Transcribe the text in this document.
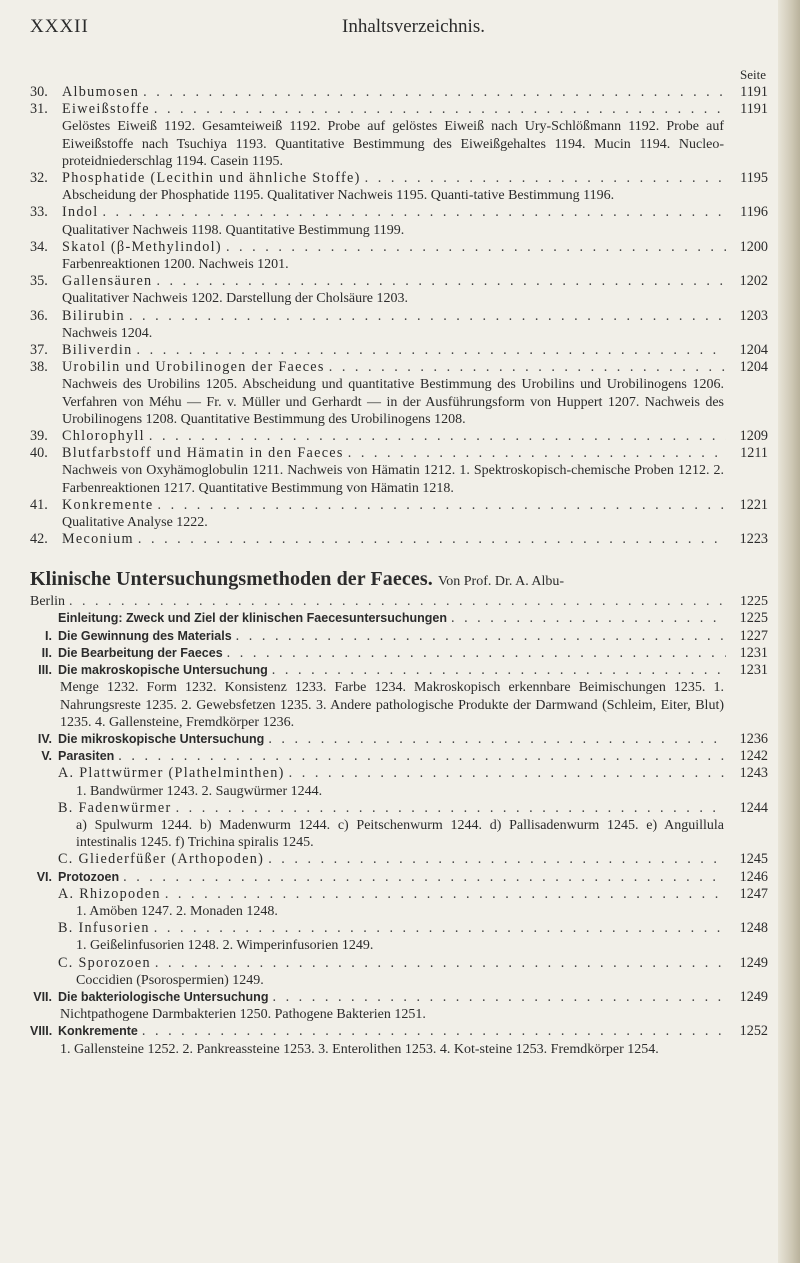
XXXII	Inhaltsverzeichnis.
Seite
30.	Albumosen . . .	1191
31.	Eiweißstoffe . . .	1191
Gelöstes Eiweiß 1192. Gesamteiweiß 1192. Probe auf gelöstes Eiweiß nach Ury-Schlößmann 1192. Probe auf Eiweißstoffe nach Tsuchiya 1193. Quantitative Bestimmung des Eiweißgehaltes 1194. Mucin 1194. Nucleo-proteidniederschlag 1194. Casein 1195.
32.	Phosphatide (Lecithin und ähnliche Stoffe) . . .	1195
Abscheidung der Phosphatide 1195. Qualitativer Nachweis 1195. Quanti-tative Bestimmung 1196.
33.	Indol . . .	1196
Qualitativer Nachweis 1198. Quantitative Bestimmung 1199.
34.	Skatol (β-Methylindol) . . .	1200
Farbenreaktionen 1200. Nachweis 1201.
35.	Gallensäuren . . .	1202
Qualitativer Nachweis 1202. Darstellung der Cholsäure 1203.
36.	Bilirubin . . .	1203
Nachweis 1204.
37.	Biliverdin . . .	1204
38.	Urobilin und Urobilinogen der Faeces . . .	1204
Nachweis des Urobilins 1205. Abscheidung und quantitative Bestimmung des Urobilins und Urobilinogens 1206. Verfahren von Méhu — Fr. v. Müller und Gerhardt — in der Ausführungsform von Huppert 1207. Nachweis des Urobilinogens 1208. Quantitative Bestimmung des Urobilinogens 1208.
39.	Chlorophyll . . .	1209
40.	Blutfarbstoff und Hämatin in den Faeces . . .	1211
Nachweis von Oxyhämoglobulin 1211. Nachweis von Hämatin 1212. 1. Spektroskopisch-chemische Proben 1212. 2. Farbenreaktionen 1217. Quantitative Bestimmung von Hämatin 1218.
41.	Konkremente . . .	1221
Qualitative Analyse 1222.
42.	Meconium . . .	1223
Klinische Untersuchungsmethoden der Faeces. Von Prof. Dr. A. Albu-
Berlin . . .	1225
Einleitung: Zweck und Ziel der klinischen Faecesuntersuchungen . . .	1225
I. Die Gewinnung des Materials . . .	1227
II. Die Bearbeitung der Faeces . . .	1231
III. Die makroskopische Untersuchung . . .	1231
Menge 1232. Form 1232. Konsistenz 1233. Farbe 1234. Makroskopisch erkennbare Beimischungen 1235. 1. Nahrungsreste 1235. 2. Gewebsfetzen 1235. 3. Andere pathologische Produkte der Darmwand (Schleim, Eiter, Blut) 1235. 4. Gallensteine, Fremdkörper 1236.
IV. Die mikroskopische Untersuchung . . .	1236
V. Parasiten . . .	1242
A. Plattwürmer (Plathelminthen) . . .	1243
1. Bandwürmer 1243. 2. Saugwürmer 1244.
B. Fadenwürmer . . .	1244
a) Spulwurm 1244. b) Madenwurm 1244. c) Peitschenwurm 1244. d) Pallisadenwurm 1245. e) Anguillula intestinalis 1245. f) Trichina spiralis 1245.
C. Gliederfüßer (Arthopoden) . . .	1245
VI. Protozoen . . .	1246
A. Rhizopoden . . .	1247
1. Amöben 1247. 2. Monaden 1248.
B. Infusorien . . .	1248
1. Geißelinfusorien 1248. 2. Wimperinfusorien 1249.
C. Sporozoen . . .	1249
Coccidien (Psorospermien) 1249.
VII. Die bakteriologische Untersuchung . . .	1249
Nichtpathogene Darmbakterien 1250. Pathogene Bakterien 1251.
VIII. Konkremente . . .	1252
1. Gallensteine 1252. 2. Pankreassteine 1253. 3. Enterolithen 1253. 4. Kot-steine 1253. Fremdkörper 1254.
